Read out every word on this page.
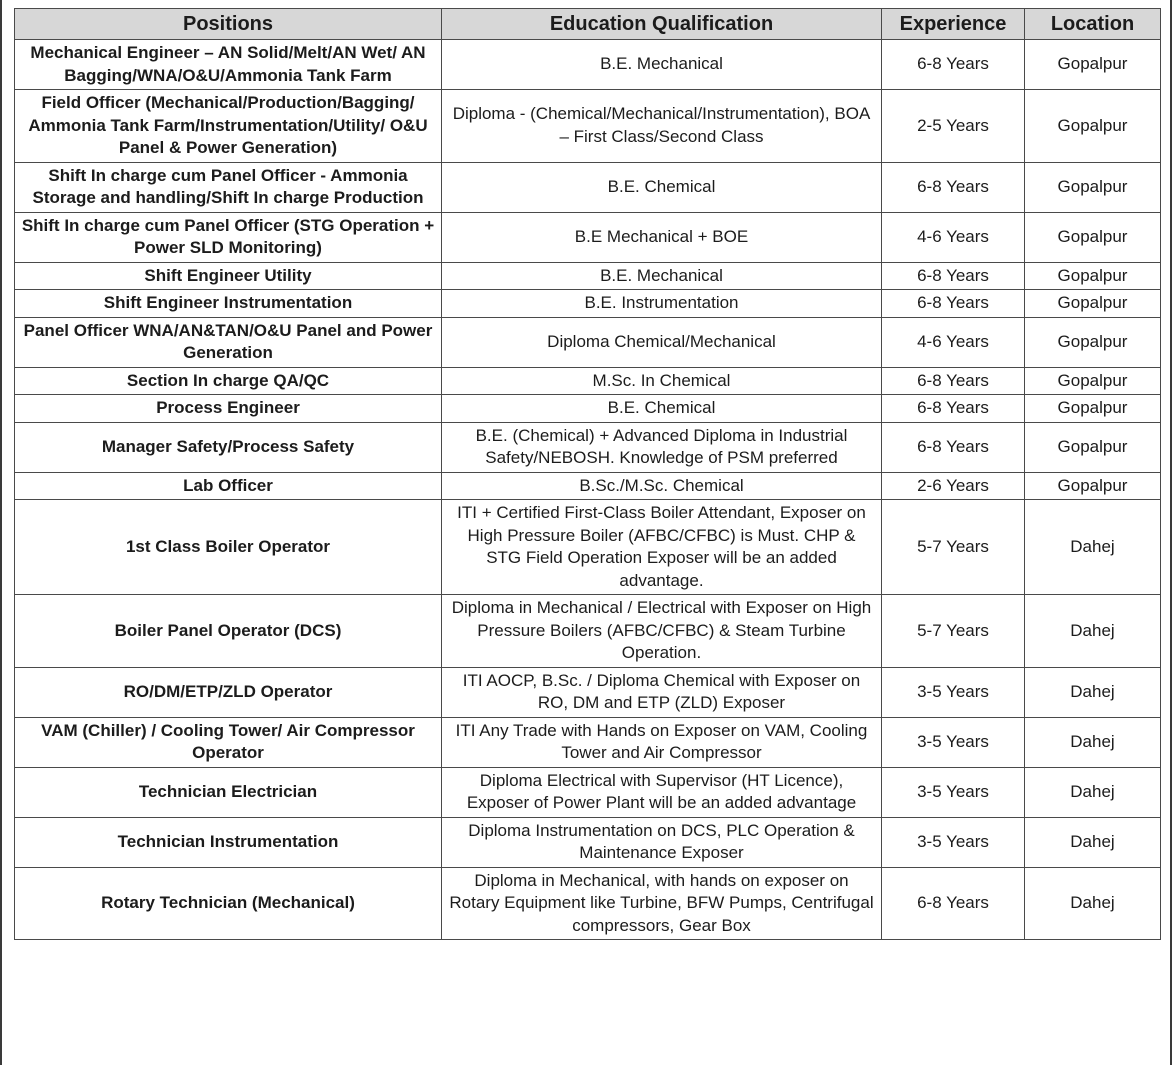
Positions	Education Qualification	Experience	Location
Mechanical Engineer – AN Solid/Melt/AN Wet/ AN Bagging/WNA/O&U/Ammonia Tank Farm	B.E. Mechanical	6-8 Years	Gopalpur
Field Officer (Mechanical/Production/Bagging/ Ammonia Tank Farm/Instrumentation/Utility/ O&U Panel & Power Generation)	Diploma - (Chemical/Mechanical/Instrumentation), BOA – First Class/Second Class	2-5 Years	Gopalpur
Shift In charge cum Panel Officer - Ammonia Storage and handling/Shift In charge Production	B.E. Chemical	6-8 Years	Gopalpur
Shift In charge cum Panel Officer (STG Operation + Power SLD Monitoring)	B.E Mechanical + BOE	4-6 Years	Gopalpur
Shift Engineer Utility	B.E. Mechanical	6-8 Years	Gopalpur
Shift Engineer Instrumentation	B.E. Instrumentation	6-8 Years	Gopalpur
Panel Officer WNA/AN&TAN/O&U Panel and Power Generation	Diploma Chemical/Mechanical	4-6 Years	Gopalpur
Section In charge QA/QC	M.Sc. In Chemical	6-8 Years	Gopalpur
Process Engineer	B.E. Chemical	6-8 Years	Gopalpur
Manager Safety/Process Safety	B.E. (Chemical) + Advanced Diploma in Industrial Safety/NEBOSH. Knowledge of PSM preferred	6-8 Years	Gopalpur
Lab Officer	B.Sc./M.Sc. Chemical	2-6 Years	Gopalpur
1st Class Boiler Operator	ITI + Certified First-Class Boiler Attendant, Exposer on High Pressure Boiler (AFBC/CFBC) is Must. CHP & STG Field Operation Exposer will be an added advantage.	5-7 Years	Dahej
Boiler Panel Operator (DCS)	Diploma in Mechanical / Electrical with Exposer on High Pressure Boilers (AFBC/CFBC) & Steam Turbine Operation.	5-7 Years	Dahej
RO/DM/ETP/ZLD Operator	ITI AOCP, B.Sc. / Diploma Chemical with Exposer on RO, DM and ETP (ZLD) Exposer	3-5 Years	Dahej
VAM (Chiller) / Cooling Tower/ Air Compressor Operator	ITI Any Trade with Hands on Exposer on VAM, Cooling Tower and Air Compressor	3-5 Years	Dahej
Technician Electrician	Diploma Electrical with Supervisor (HT Licence), Exposer of Power Plant will be an added advantage	3-5 Years	Dahej
Technician Instrumentation	Diploma Instrumentation on DCS, PLC Operation & Maintenance Exposer	3-5 Years	Dahej
Rotary Technician (Mechanical)	Diploma in Mechanical, with hands on exposer on Rotary Equipment like Turbine, BFW Pumps, Centrifugal compressors, Gear Box	6-8 Years	Dahej
